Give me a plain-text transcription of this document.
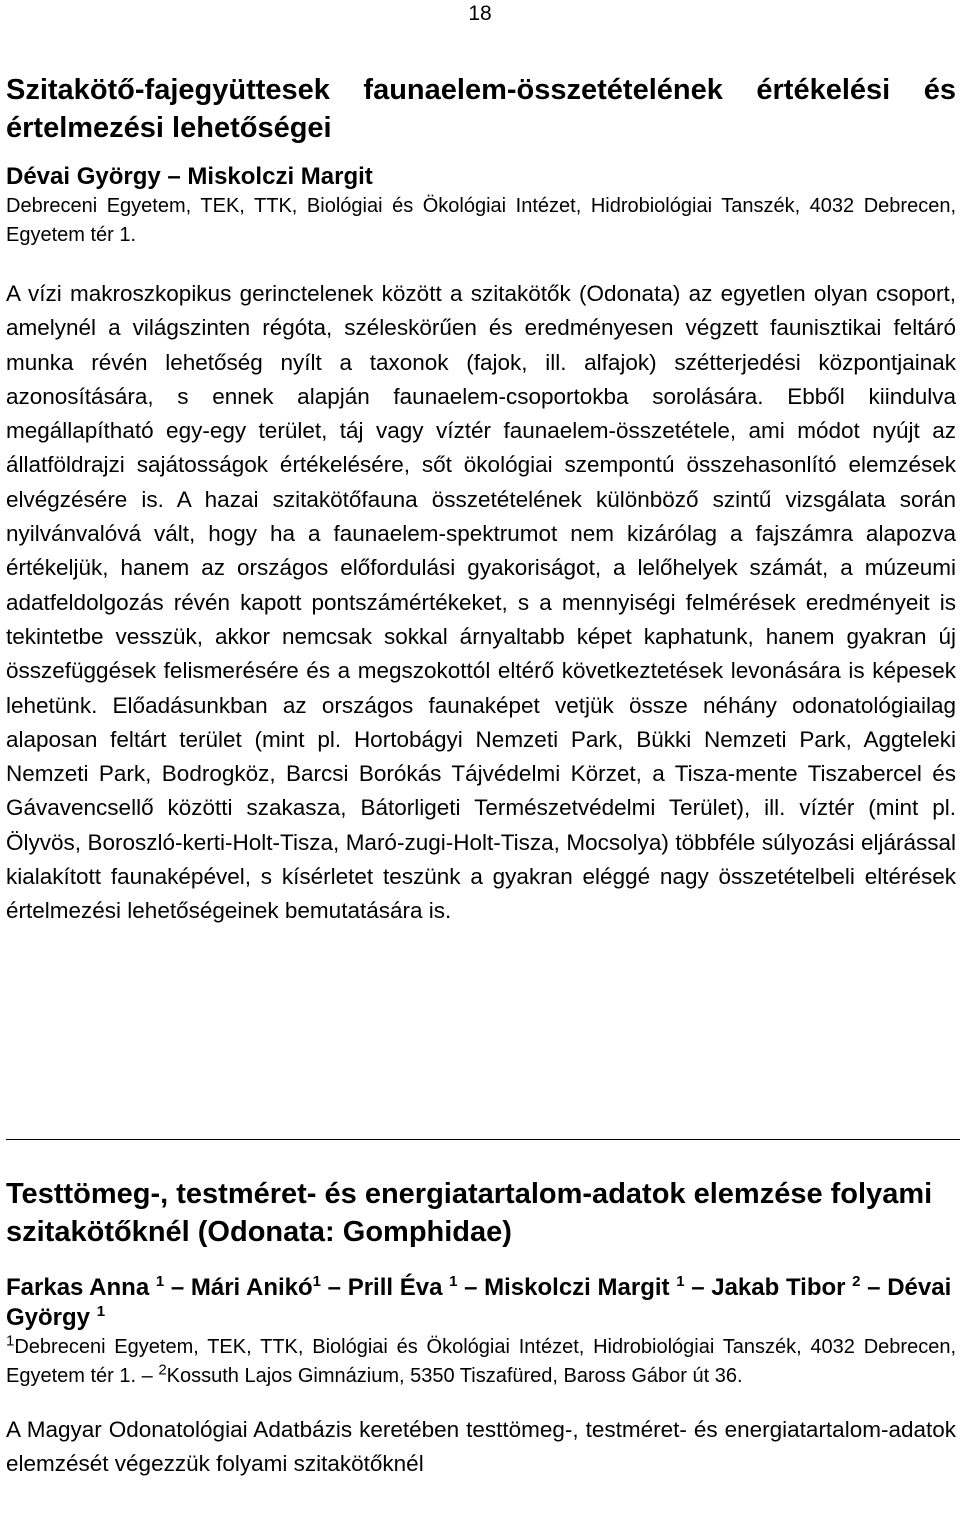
18
Szitakötő-fajegyüttesek faunaelem-összetételének értékelési és értelmezési lehetőségei

Dévai György – Miskolczi Margit

Debreceni Egyetem, TEK, TTK, Biológiai és Ökológiai Intézet, Hidrobiológiai Tanszék, 4032 Debrecen, Egyetem tér 1.

A vízi makroszkopikus gerinctelenek között a szitakötők (Odonata) az egyetlen olyan csoport, amelynél a világszinten régóta, széleskörűen és eredményesen végzett faunisztikai feltáró munka révén lehetőség nyílt a taxonok (fajok, ill. alfajok) szétterjedési központjainak azonosítására, s ennek alapján faunaelem-csoportokba sorolására. Ebből kiindulva megállapítható egy-egy terület, táj vagy víztér faunaelem-összetétele, ami módot nyújt az állatföldrajzi sajátosságok értékelésére, sőt ökológiai szempontú összehasonlító elemzések elvégzésére is. A hazai szitakötőfauna összetételének különböző szintű vizsgálata során nyilvánvalóvá vált, hogy ha a faunaelem-spektrumot nem kizárólag a fajszámra alapozva értékeljük, hanem az országos előfordulási gyakoriságot, a lelőhelyek számát, a múzeumi adatfeldolgozás révén kapott pontszámértékeket, s a mennyiségi felmérések eredményeit is tekintetbe vesszük, akkor nemcsak sokkal árnyaltabb képet kaphatunk, hanem gyakran új összefüggések felismerésére és a megszokottól eltérő következtetések levonására is képesek lehetünk. Előadásunkban az országos faunaképet vetjük össze néhány odonatológiailag alaposan feltárt terület (mint pl. Hortobágyi Nemzeti Park, Bükki Nemzeti Park, Aggteleki Nemzeti Park, Bodrogköz, Barcsi Borókás Tájvédelmi Körzet, a Tisza-mente Tiszabercel és Gávavencsellő közötti szakasza, Bátorligeti Természetvédelmi Terület), ill. víztér (mint pl. Ölyvös, Boroszló-kerti-Holt-Tisza, Maró-zugi-Holt-Tisza, Mocsolya) többféle súlyozási eljárással kialakított faunaképével, s kísérletet teszünk a gyakran eléggé nagy összetételbeli eltérések értelmezési lehetőségeinek bemutatására is.

Testtömeg-, testméret- és energiatartalom-adatok elemzése folyami szitakötőknél (Odonata: Gomphidae)

Farkas Anna $^1$ – Mári Anikó$^1$ – Prill Éva $^1$ – Miskolczi Margit $^1$ – Jakab Tibor $^2$ – Dévai György $^1$

$^1$Debreceni Egyetem, TEK, TTK, Biológiai és Ökológiai Intézet, Hidrobiológiai Tanszék, 4032 Debrecen, Egyetem tér 1. – $^2$Kossuth Lajos Gimnázium, 5350 Tiszafüred, Baross Gábor út 36.

A Magyar Odonatológiai Adatbázis keretében testtömeg-, testméret- és energiatartalom-adatok elemzését végezzük folyami szitakötőknél
